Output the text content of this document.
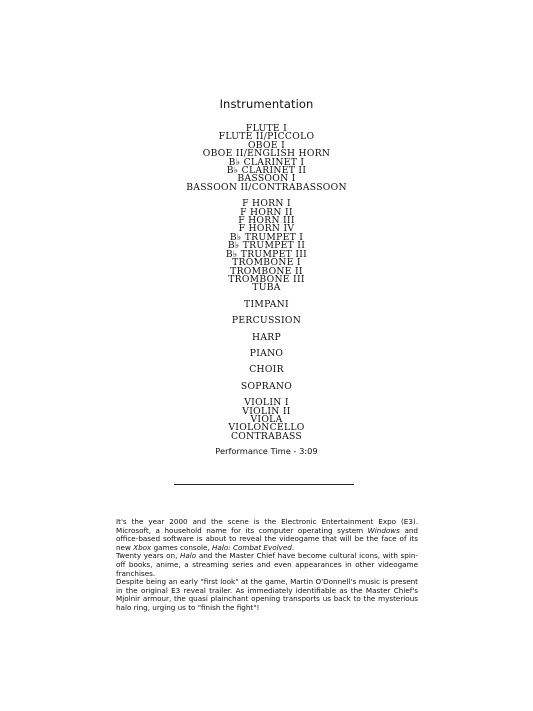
Instrumentation
FLUTE I
FLUTE II/PICCOLO
OBOE I
OBOE II/ENGLISH HORN
B♭ CLARINET I
B♭ CLARINET II
BASSOON I
BASSOON II/CONTRABASSOON
F HORN I
F HORN II
F HORN III
F HORN IV
B♭ TRUMPET I
B♭ TRUMPET II
B♭ TRUMPET III
TROMBONE I
TROMBONE II
TROMBONE III
TUBA
TIMPANI
PERCUSSION
HARP
PIANO
CHOIR
SOPRANO
VIOLIN I
VIOLIN II
VIOLA
VIOLONCELLO
CONTRABASS
Performance Time - 3:09

It's the year 2000 and the scene is the Electronic Entertainment Expo (E3). Microsoft, a household name for its computer operating system Windows and office-based software is about to reveal the videogame that will be the face of its new Xbox games console, Halo: Combat Evolved.

Twenty years on, Halo and the Master Chief have become cultural icons, with spin-off books, anime, a streaming series and even appearances in other videogame franchises.

Despite being an early "first look" at the game, Martin O'Donnell's music is present in the original E3 reveal trailer. As immediately identifiable as the Master Chief's Mjolnir armour, the quasi plainchant opening transports us back to the mysterious halo ring, urging us to "finish the fight"!
